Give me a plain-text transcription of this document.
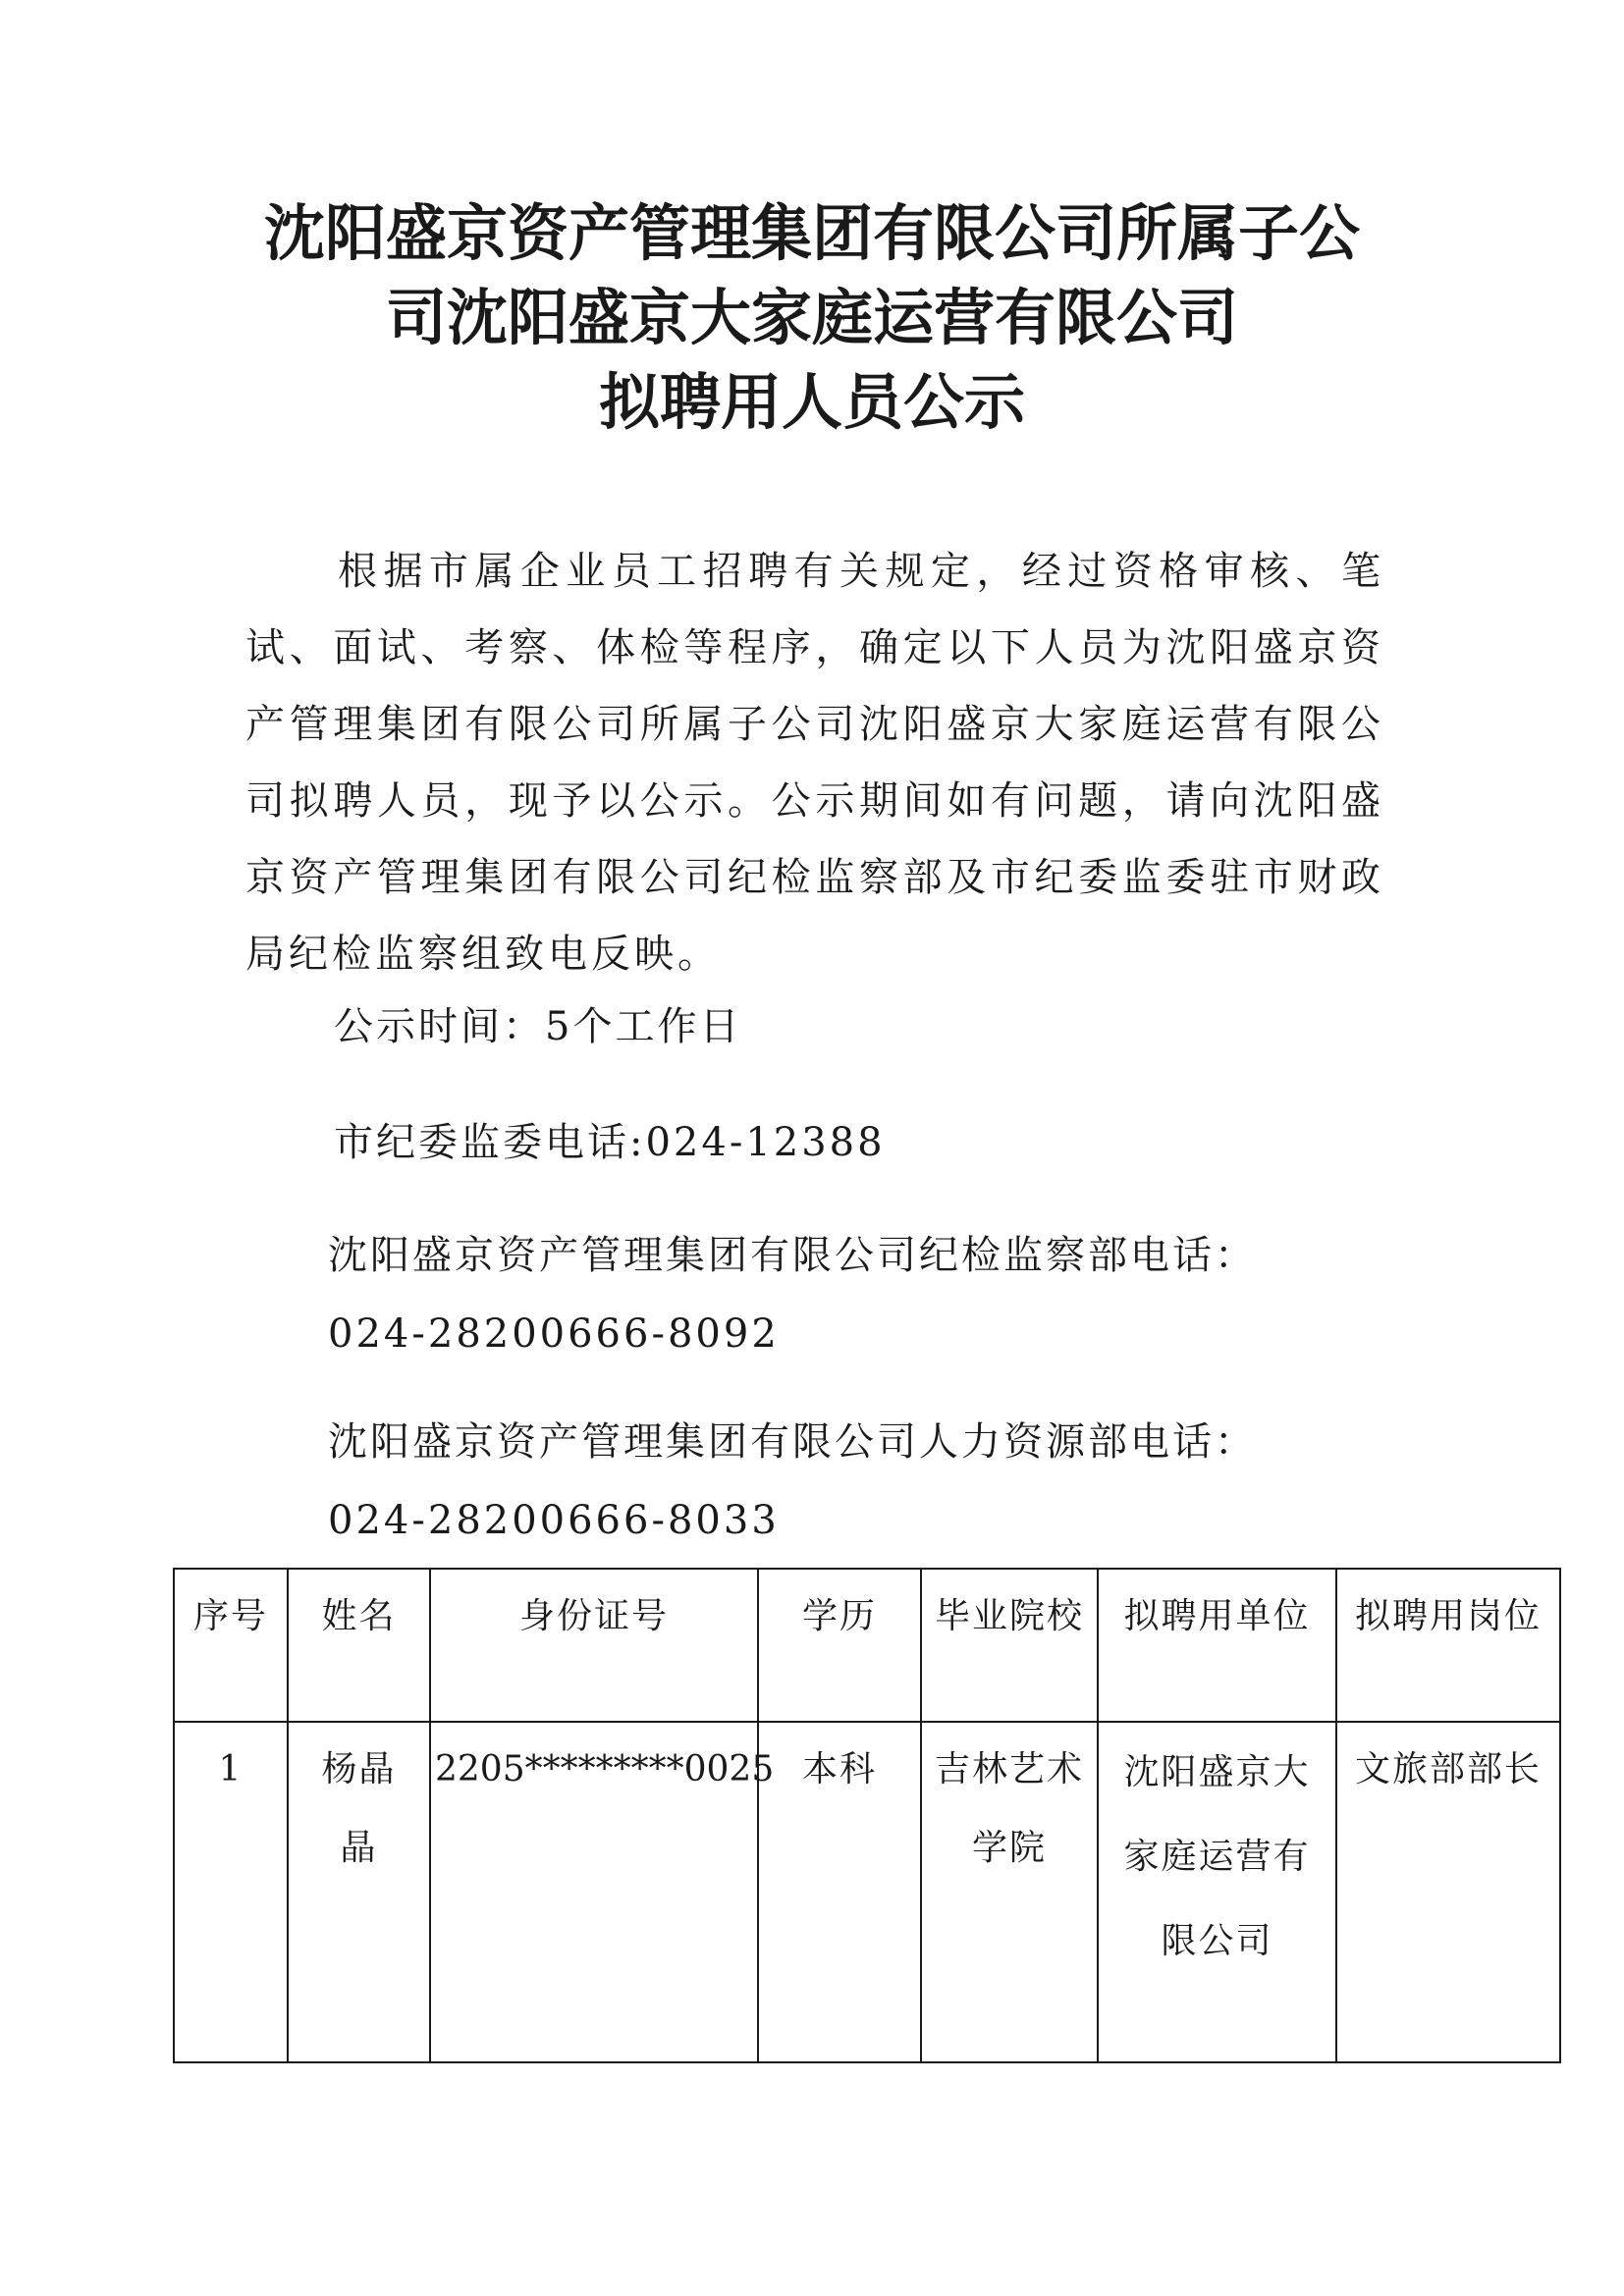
沈阳盛京资产管理集团有限公司所属子公
司沈阳盛京大家庭运营有限公司
拟聘用人员公示

根据市属企业员工招聘有关规定，经过资格审核、笔试、面试、考察、体检等程序，确定以下人员为沈阳盛京资产管理集团有限公司所属子公司沈阳盛京大家庭运营有限公司拟聘人员，现予以公示。公示期间如有问题，请向沈阳盛京资产管理集团有限公司纪检监察部及市纪委监委驻市财政局纪检监察组致电反映。

公示时间：5个工作日
市纪委监委电话:024-12388
沈阳盛京资产管理集团有限公司纪检监察部电话：
024-28200666-8092
沈阳盛京资产管理集团有限公司人力资源部电话：
024-28200666-8033
序号	姓名	身份证号	学历	毕业院校	拟聘用单位	拟聘用岗位
1	杨晶晶	2205*********0025	本科	吉林艺术学院	沈阳盛京大家庭运营有限公司	文旅部部长
